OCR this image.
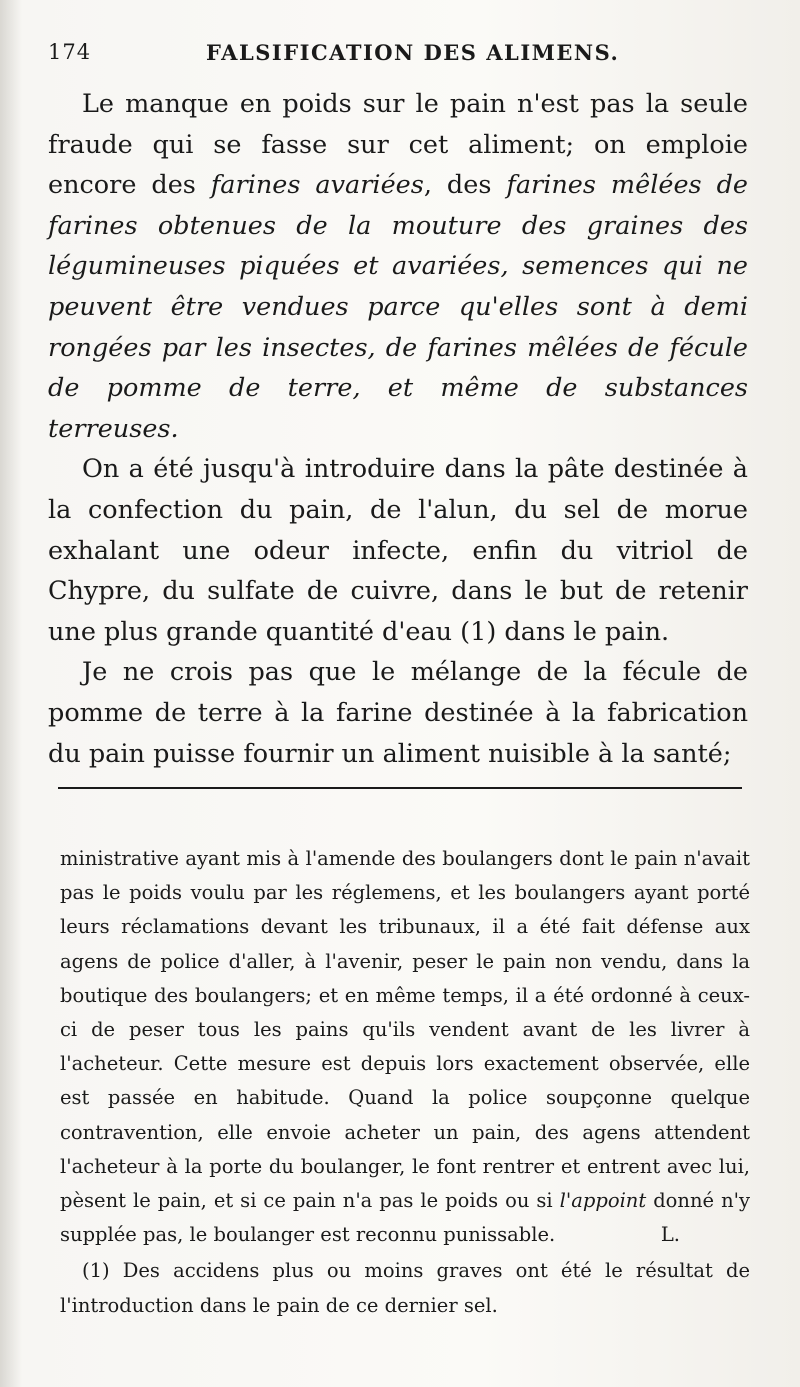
174	FALSIFICATION DES ALIMENS.

Le manque en poids sur le pain n'est pas la seule fraude qui se fasse sur cet aliment; on emploie encore des farines avariées, des farines mêlées de farines obtenues de la mouture des graines des légumineuses piquées et avariées, semences qui ne peuvent être vendues parce qu'elles sont à demi rongées par les insectes, de farines mêlées de fécule de pomme de terre, et même de substances terreuses.

On a été jusqu'à introduire dans la pâte destinée à la confection du pain, de l'alun, du sel de morue exhalant une odeur infecte, enfin du vitriol de Chypre, du sulfate de cuivre, dans le but de retenir une plus grande quantité d'eau (1) dans le pain.

Je ne crois pas que le mélange de la fécule de pomme de terre à la farine destinée à la fabrication du pain puisse fournir un aliment nuisible à la santé;

ministrative ayant mis à l'amende des boulangers dont le pain n'avait pas le poids voulu par les réglemens, et les boulangers ayant porté leurs réclamations devant les tribunaux, il a été fait défense aux agens de police d'aller, à l'avenir, peser le pain non vendu, dans la boutique des boulangers; et en même temps, il a été ordonné à ceux-ci de peser tous les pains qu'ils vendent avant de les livrer à l'acheteur. Cette mesure est depuis lors exactement observée, elle est passée en habitude. Quand la police soupçonne quelque contravention, elle envoie acheter un pain, des agens attendent l'acheteur à la porte du boulanger, le font rentrer et entrent avec lui, pèsent le pain, et si ce pain n'a pas le poids ou si l'appoint donné n'y supplée pas, le boulanger est reconnu punissable.	L.

(1) Des accidens plus ou moins graves ont été le résultat de l'introduction dans le pain de ce dernier sel.
